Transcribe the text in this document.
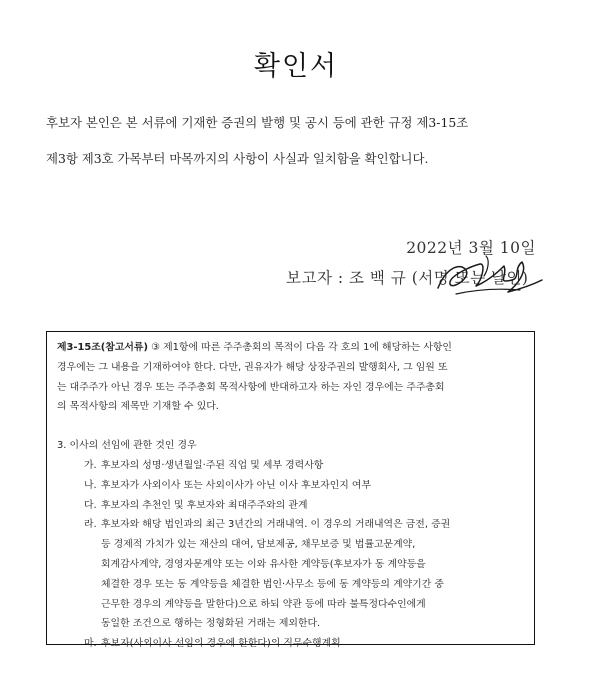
확인서
후보자 본인은 본 서류에 기재한 증권의 발행 및 공시 등에 관한 규정 제3-15조
제3항 제3호 가목부터 마목까지의 사항이 사실과 일치함을 확인합니다.
2022년 3월 10일
보고자 : 조 백 규 (서명 또는 날인)
제3-15조(참고서류) ③ 제1항에 따른 주주총회의 목적이 다음 각 호의 1에 해당하는 사항인
경우에는 그 내용을 기재하여야 한다. 다만, 권유자가 해당 상장주권의 발행회사, 그 임원 또
는 대주주가 아닌 경우 또는 주주총회 목적사항에 반대하고자 하는 자인 경우에는 주주총회
의 목적사항의 제목만 기재할 수 있다.
3. 이사의 선임에 관한 것인 경우
가. 후보자의 성명·생년월일·주된 직업 및 세부 경력사항
나. 후보자가 사외이사 또는 사외이사가 아닌 이사 후보자인지 여부
다. 후보자의 추천인 및 후보자와 최대주주와의 관계
라. 후보자와 해당 법인과의 최근 3년간의 거래내역. 이 경우의 거래내역은 금전, 증권
등 경제적 가치가 있는 재산의 대여, 담보제공, 채무보증 및 법률고문계약,
회계감사계약, 경영자문계약 또는 이와 유사한 계약등(후보자가 동 계약등을
체결한 경우 또는 동 계약등을 체결한 법인·사무소 등에 동 계약등의 계약기간 중
근무한 경우의 계약등을 말한다)으로 하되 약관 등에 따라 불특정다수인에게
동일한 조건으로 행하는 정형화된 거래는 제외한다.
마. 후보자(사외이사 선임의 경우에 한한다)의 직무수행계획
